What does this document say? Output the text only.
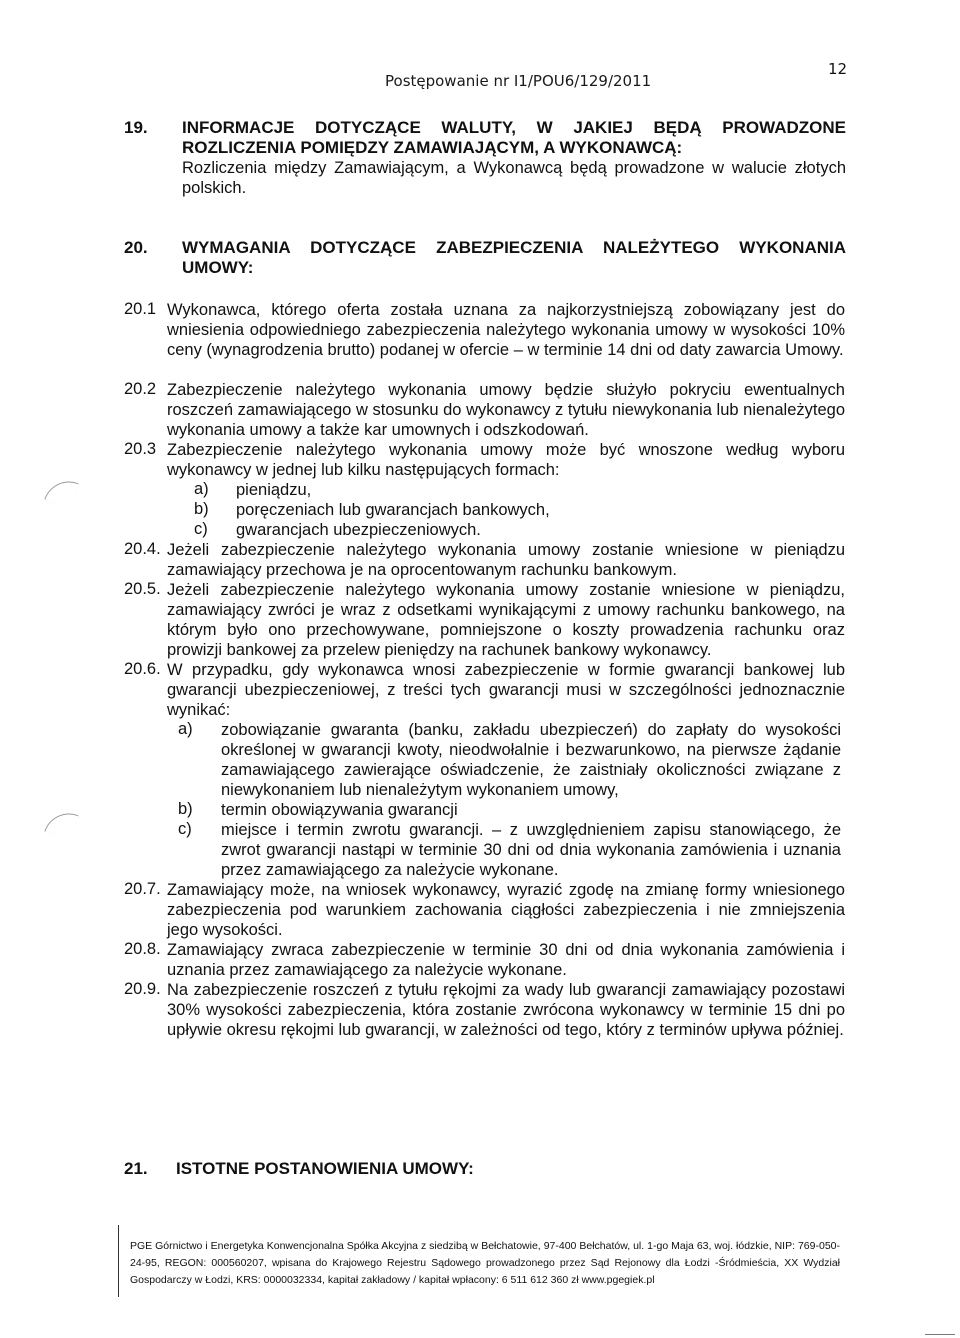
Postępowanie nr I1/POU6/129/2011
12
19. INFORMACJE DOTYCZĄCE WALUTY, W JAKIEJ BĘDĄ PROWADZONE ROZLICZENIA POMIĘDZY ZAMAWIAJĄCYM, A WYKONAWCĄ:
Rozliczenia między Zamawiającym, a Wykonawcą będą prowadzone w walucie złotych polskich.
20. WYMAGANIA DOTYCZĄCE ZABEZPIECZENIA NALEŻYTEGO WYKONANIA UMOWY:
20.1 Wykonawca, którego oferta została uznana za najkorzystniejszą zobowiązany jest do wniesienia odpowiedniego zabezpieczenia należytego wykonania umowy w wysokości 10% ceny (wynagrodzenia brutto) podanej w ofercie – w terminie 14 dni od daty zawarcia Umowy.
20.2 Zabezpieczenie należytego wykonania umowy będzie służyło pokryciu ewentualnych roszczeń zamawiającego w stosunku do wykonawcy z tytułu niewykonania lub nienależytego wykonania umowy a także kar umownych i odszkodowań.
20.3 Zabezpieczenie należytego wykonania umowy może być wnoszone według wyboru wykonawcy w jednej lub kilku następujących formach:
a) pieniądzu,
b) poręczeniach lub gwarancjach bankowych,
c) gwarancjach ubezpieczeniowych.
20.4. Jeżeli zabezpieczenie należytego wykonania umowy zostanie wniesione w pieniądzu zamawiający przechowa je na oprocentowanym rachunku bankowym.
20.5. Jeżeli zabezpieczenie należytego wykonania umowy zostanie wniesione w pieniądzu, zamawiający zwróci je wraz z odsetkami wynikającymi z umowy rachunku bankowego, na którym było ono przechowywane, pomniejszone o koszty prowadzenia rachunku oraz prowizji bankowej za przelew pieniędzy na rachunek bankowy wykonawcy.
20.6. W przypadku, gdy wykonawca wnosi zabezpieczenie w formie gwarancji bankowej lub gwarancji ubezpieczeniowej, z treści tych gwarancji musi w szczególności jednoznacznie wynikać:
a) zobowiązanie gwaranta (banku, zakładu ubezpieczeń) do zapłaty do wysokości określonej w gwarancji kwoty, nieodwołalnie i bezwarunkowo, na pierwsze żądanie zamawiającego zawierające oświadczenie, że zaistniały okoliczności związane z niewykonaniem lub nienależytym wykonaniem umowy,
b) termin obowiązywania gwarancji
c) miejsce i termin zwrotu gwarancji. – z uwzględnieniem zapisu stanowiącego, że zwrot gwarancji nastąpi w terminie 30 dni od dnia wykonania zamówienia i uznania przez zamawiającego za należycie wykonane.
20.7. Zamawiający może, na wniosek wykonawcy, wyrazić zgodę na zmianę formy wniesionego zabezpieczenia pod warunkiem zachowania ciągłości zabezpieczenia i nie zmniejszenia jego wysokości.
20.8. Zamawiający zwraca zabezpieczenie w terminie 30 dni od dnia wykonania zamówienia i uznania przez zamawiającego za należycie wykonane.
20.9. Na zabezpieczenie roszczeń z tytułu rękojmi za wady lub gwarancji zamawiający pozostawi 30% wysokości zabezpieczenia, która zostanie zwrócona wykonawcy w terminie 15 dni po upływie okresu rękojmi lub gwarancji, w zależności od tego, który z terminów upływa później.
21. ISTOTNE POSTANOWIENIA UMOWY:
PGE Górnictwo i Energetyka Konwencjonalna Spółka Akcyjna z siedzibą w Bełchatowie, 97-400 Bełchatów, ul. 1-go Maja 63, woj. łódzkie, NIP: 769-050-24-95, REGON: 000560207, wpisana do Krajowego Rejestru Sądowego prowadzonego przez Sąd Rejonowy dla Łodzi -Śródmieścia, XX Wydział Gospodarczy w Łodzi, KRS: 0000032334, kapitał zakładowy / kapitał wpłacony: 6 511 612 360 zł www.pgegiek.pl
